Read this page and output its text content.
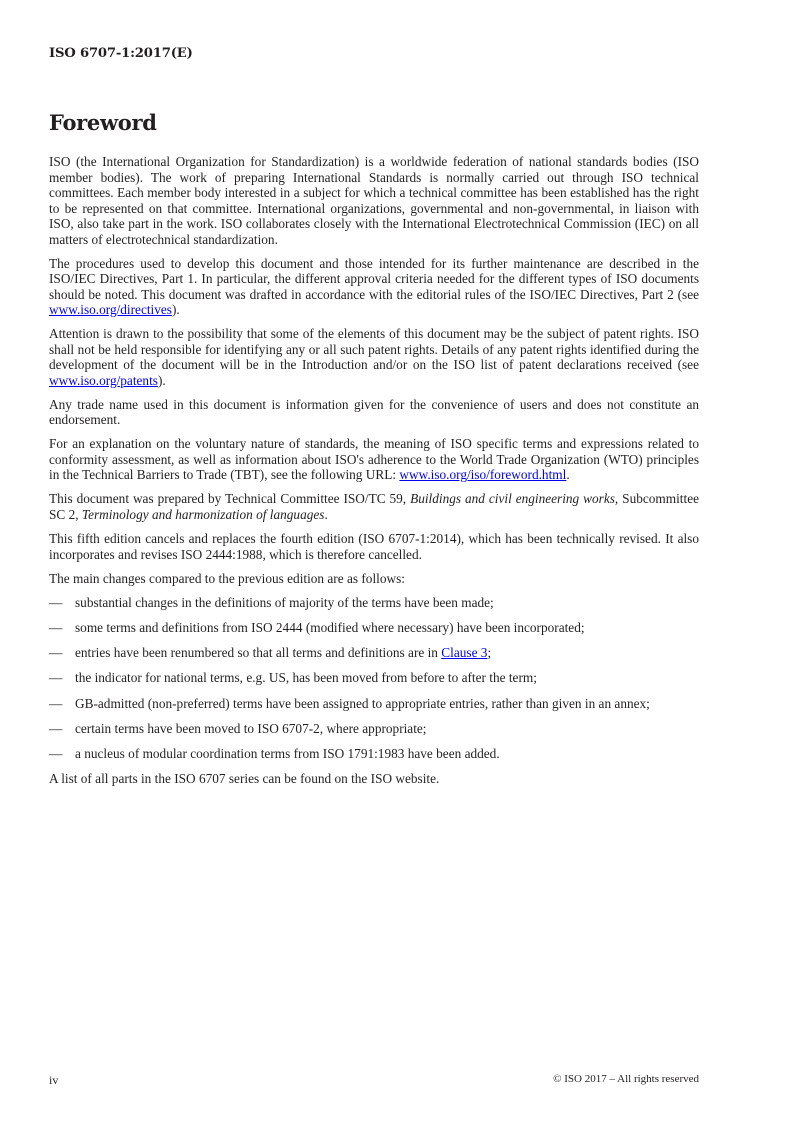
ISO 6707-1:2017(E)
Foreword

ISO (the International Organization for Standardization) is a worldwide federation of national standards bodies (ISO member bodies). The work of preparing International Standards is normally carried out through ISO technical committees. Each member body interested in a subject for which a technical committee has been established has the right to be represented on that committee. International organizations, governmental and non-governmental, in liaison with ISO, also take part in the work. ISO collaborates closely with the International Electrotechnical Commission (IEC) on all matters of electrotechnical standardization.

The procedures used to develop this document and those intended for its further maintenance are described in the ISO/IEC Directives, Part 1. In particular, the different approval criteria needed for the different types of ISO documents should be noted. This document was drafted in accordance with the editorial rules of the ISO/IEC Directives, Part 2 (see www.iso.org/directives).

Attention is drawn to the possibility that some of the elements of this document may be the subject of patent rights. ISO shall not be held responsible for identifying any or all such patent rights. Details of any patent rights identified during the development of the document will be in the Introduction and/or on the ISO list of patent declarations received (see www.iso.org/patents).

Any trade name used in this document is information given for the convenience of users and does not constitute an endorsement.

For an explanation on the voluntary nature of standards, the meaning of ISO specific terms and expressions related to conformity assessment, as well as information about ISO's adherence to the World Trade Organization (WTO) principles in the Technical Barriers to Trade (TBT), see the following URL: www.iso.org/iso/foreword.html.

This document was prepared by Technical Committee ISO/TC 59, Buildings and civil engineering works, Subcommittee SC 2, Terminology and harmonization of languages.

This fifth edition cancels and replaces the fourth edition (ISO 6707-1:2014), which has been technically revised. It also incorporates and revises ISO 2444:1988, which is therefore cancelled.

The main changes compared to the previous edition are as follows:

— substantial changes in the definitions of majority of the terms have been made;
— some terms and definitions from ISO 2444 (modified where necessary) have been incorporated;
— entries have been renumbered so that all terms and definitions are in Clause 3;
— the indicator for national terms, e.g. US, has been moved from before to after the term;
— GB-admitted (non-preferred) terms have been assigned to appropriate entries, rather than given in an annex;
— certain terms have been moved to ISO 6707-2, where appropriate;
— a nucleus of modular coordination terms from ISO 1791:1983 have been added.

A list of all parts in the ISO 6707 series can be found on the ISO website.

iv	© ISO 2017 – All rights reserved
